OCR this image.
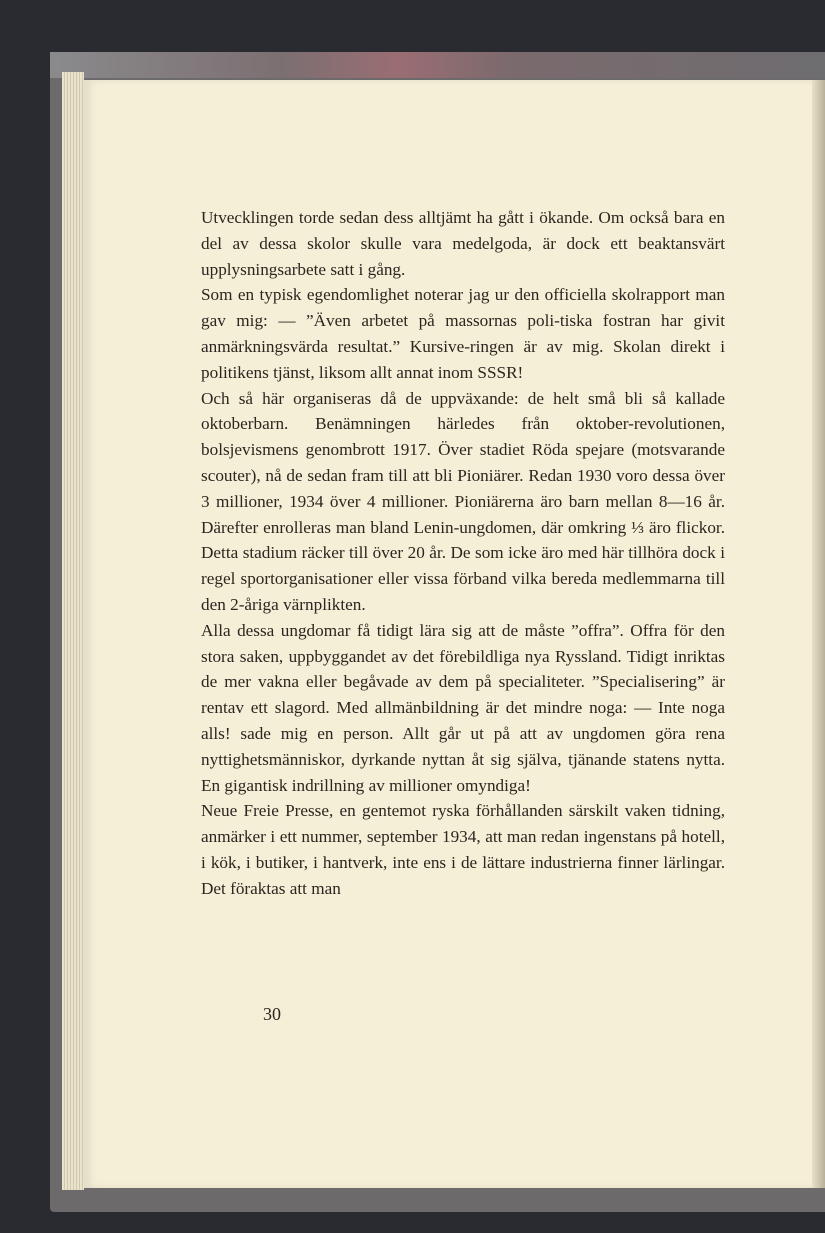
Utvecklingen torde sedan dess alltjämt ha gått i ökande. Om också bara en del av dessa skolor skulle vara medelgoda, är dock ett beaktansvärt upplysningsarbete satt i gång.

Som en typisk egendomlighet noterar jag ur den officiella skolrapport man gav mig: — ”Även arbetet på massornas poli-tiska fostran har givit anmärkningsvärda resultat.” Kursive-ringen är av mig. Skolan direkt i politikens tjänst, liksom allt annat inom SSSR!

Och så här organiseras då de uppväxande: de helt små bli så kallade oktoberbarn. Benämningen härledes från oktober-revolutionen, bolsjevismens genombrott 1917. Över stadiet Röda spejare (motsvarande scouter), nå de sedan fram till att bli Pioniärer. Redan 1930 voro dessa över 3 millioner, 1934 över 4 millioner. Pioniärerna äro barn mellan 8—16 år. Därefter enrolleras man bland Lenin-ungdomen, där omkring ⅓ äro flickor. Detta stadium räcker till över 20 år. De som icke äro med här tillhöra dock i regel sportorganisationer eller vissa förband vilka bereda medlemmarna till den 2-åriga värnplikten.

Alla dessa ungdomar få tidigt lära sig att de måste ”offra”. Offra för den stora saken, uppbyggandet av det förebildliga nya Ryssland. Tidigt inriktas de mer vakna eller begåvade av dem på specialiteter. ”Specialisering” är rentav ett slagord. Med allmänbildning är det mindre noga: — Inte noga alls! sade mig en person. Allt går ut på att av ungdomen göra rena nyttighetsmänniskor, dyrkande nyttan åt sig själva, tjänande statens nytta. En gigantisk indrillning av millioner omyndiga!

Neue Freie Presse, en gentemot ryska förhållanden särskilt vaken tidning, anmärker i ett nummer, september 1934, att man redan ingenstans på hotell, i kök, i butiker, i hantverk, inte ens i de lättare industrierna finner lärlingar. Det föraktas att man

30
